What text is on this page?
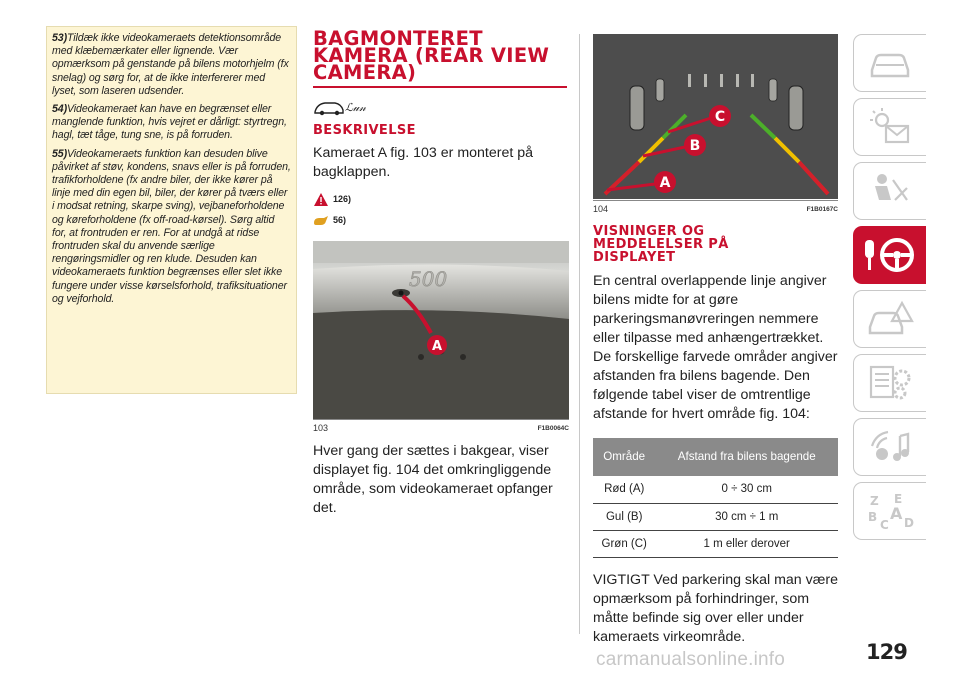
53)Tildæk ikke videokameraets detektionsområde med klæbemærkater eller lignende. Vær opmærksom på genstande på bilens motorhjelm (fx snelag) og sørg for, at de ikke interfererer med lyset, som laseren udsender.

54)Videokameraet kan have en begrænset eller manglende funktion, hvis vejret er dårligt: styrtregn, hagl, tæt tåge, tung sne, is på forruden.

55)Videokameraets funktion kan desuden blive påvirket af støv, kondens, snavs eller is på forruden, trafikforholdene (fx andre biler, der ikke kører på linje med din egen bil, biler, der kører på tværs eller i modsat retning, skarpe sving), vejbaneforholdene og køreforholdene (fx off-road-kørsel). Sørg altid for, at frontruden er ren. For at undgå at ridse frontruden skal du anvende særlige rengøringsmidler og ren klude. Desuden kan videokameraets funktion begrænses eller slet ikke fungere under visse kørselsforhold, trafiksituationer og vejforhold.

BAGMONTERET
KAMERA (REAR VIEW
CAMERA)
ℒ𝓊𝓃
BESKRIVELSE

Kameraet A fig. 103 er monteret på bagklappen.

126)
56)
500
A
103	F1B0064C

Hver gang der sættes i bakgear, viser displayet fig. 104 det omkringliggende område, som videokameraet opfanger det.

A
B
C
104	F1B0167C
VISNINGER OG
MEDDELELSER PÅ
DISPLAYET

En central overlappende linje angiver bilens midte for at gøre parkeringsmanøvreringen nemmere eller tilpasse med anhængertrækket. De forskellige farvede områder angiver afstanden fra bilens bagende. Den følgende tabel viser de omtrentlige afstande for hvert område fig. 104:

Område	Afstand fra bilens bagende
Rød (A)	0 ÷ 30 cm
Gul (B)	30 cm ÷ 1 m
Grøn (C)	1 m eller derover

VIGTIGT Ved parkering skal man være opmærksom på forhindringer, som måtte befinde sig over eller under kameraets virkeområde.

Z E
B A
C D
129
carmanualsonline.info
